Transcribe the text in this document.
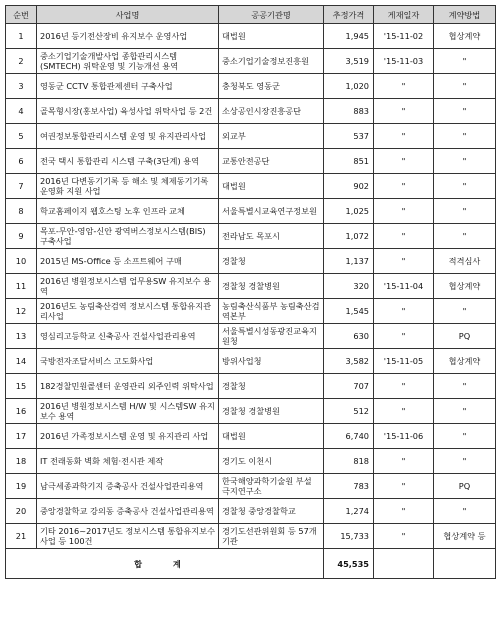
순번	사업명	공공기관명	추정가격	게재일자	계약방법
1	2016년 등기전산장비 유지보수 운영사업	대법원	1,945	'15-11-02	협상계약
2	중소기업기술개발사업 종합관리시스템(SMTECH) 위탁운영 및 기능개선 용역	중소기업기술정보진흥원	3,519	'15-11-03	"
3	영동군 CCTV 통합관제센터 구축사업	충청북도 영동군	1,020	"	"
4	골목형시장(홍보사업) 육성사업 위탁사업 등 2건	소상공인시장진흥공단	883	"	"
5	여권정보통합관리시스템 운영 및 유지관리사업	외교부	537	"	"
6	전국 택시 통합관리 시스템 구축(3단계) 용역	교통안전공단	851	"	"
7	2016년 다변동기기록 등 해소 및 체제동기기록 운영화 지원 사업	대법원	902	"	"
8	학교홈페이지 웹호스팅 노후 인프라 교체	서울특별시교육연구정보원	1,025	"	"
9	목포-무안-영암-신안 광역버스정보시스템(BIS) 구축사업	전라남도 목포시	1,072	"	"
10	2015년 MS-Office 등 소프트웨어 구매	경찰청	1,137	"	적격심사
11	2016년 병원정보시스템 업무용SW 유지보수 용역	경찰청 경찰병원	320	'15-11-04	협상계약
12	2016년도 농림축산검역 정보시스템 통합유지관리사업	농림축산식품부 농림축산검역본부	1,545	"	"
13	영심리고등학교 신축공사 건설사업관리용역	서울특별시성동광진교육지원청	630	"	PQ
14	국방전자조달서비스 고도화사업	방위사업청	3,582	'15-11-05	협상계약
15	182경찰민원콜센터 운영관리 외주인력 위탁사업	경찰청	707	"	"
16	2016년 병원정보시스템 H/W 및 시스템SW 유지보수 용역	경찰청 경찰병원	512	"	"
17	2016년 가족정보시스템 운영 및 유지관리 사업	대법원	6,740	'15-11-06	"
18	IT 전래동화 벽화 체험·전시관 제작	경기도 이천시	818	"	"
19	남극세종과학기지 증축공사 건설사업관리용역	한국해양과학기술원 부설 극지연구소	783	"	PQ
20	중앙경찰학교 강의동 증축공사 건설사업관리용역	경찰청 중앙경찰학교	1,274	"	"
21	기타 2016~2017년도 정보시스템 통합유지보수사업 등 100건	경기도선관위원회 등 57개 기관	15,733	"	협상계약 등
합 계			45,535		
